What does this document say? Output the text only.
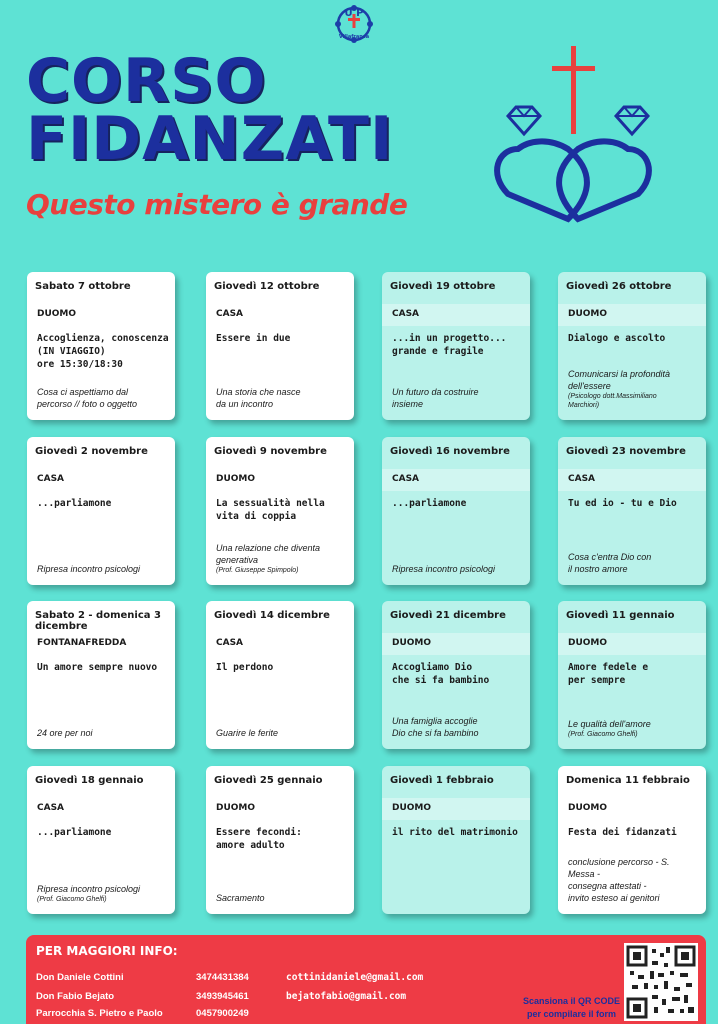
U P
Villafranca
CORSO
FIDANZATI
Questo mistero è grande
Sabato 7 ottobre
DUOMO
Accoglienza, conoscenza
(IN VIAGGIO)
ore 15:30/18:30
Cosa ci aspettiamo dal
percorso // foto o oggetto
Giovedì 12 ottobre
CASA
Essere in due
Una storia che nasce
da un incontro
Giovedì 19 ottobre
CASA
...in un progetto...
grande e fragile
Un futuro da costruire
insieme
Giovedì 26 ottobre
DUOMO
Dialogo e ascolto
Comunicarsi la profondità
dell'essere
(Psicologo dott.Massimiliano
Marchiori)
Giovedì 2 novembre
CASA
...parliamone
Ripresa incontro psicologi
Giovedì 9 novembre
DUOMO
La sessualità nella
vita di coppia
Una relazione che diventa
generativa
(Prof. Giuseppe Spimpolo)
Giovedì 16 novembre
CASA
...parliamone
Ripresa incontro psicologi
Giovedì 23 novembre
CASA
Tu ed io - tu e Dio
Cosa c'entra Dio con
il nostro amore
Sabato 2 - domenica 3
dicembre
FONTANAFREDDA
Un amore sempre nuovo
24 ore per noi
Giovedì 14 dicembre
CASA
Il perdono
Guarire le ferite
Giovedì 21 dicembre
DUOMO
Accogliamo Dio
che si fa bambino
Una famiglia accoglie
Dio che si fa bambino
Giovedì 11 gennaio
DUOMO
Amore fedele e
per sempre
Le qualità dell'amore
(Prof. Giacomo Ghelfi)
Giovedì 18 gennaio
CASA
...parliamone
Ripresa incontro psicologi
(Prof. Giacomo Ghelfi)
Giovedì 25 gennaio
DUOMO
Essere fecondi:
amore adulto
Sacramento
Giovedì 1 febbraio
DUOMO
il rito del matrimonio
Domenica 11 febbraio
DUOMO
Festa dei fidanzati
conclusione percorso - S.
Messa -
consegna attestati -
invito esteso ai genitori
PER MAGGIORI INFO:
Don Daniele Cottini	3474431384	cottinidaniele@gmail.com
Don Fabio Bejato	3493945461	bejatofabio@gmail.com
Parrocchia S. Pietro e Paolo	0457900249
Scansiona il QR CODE
per compilare il form
